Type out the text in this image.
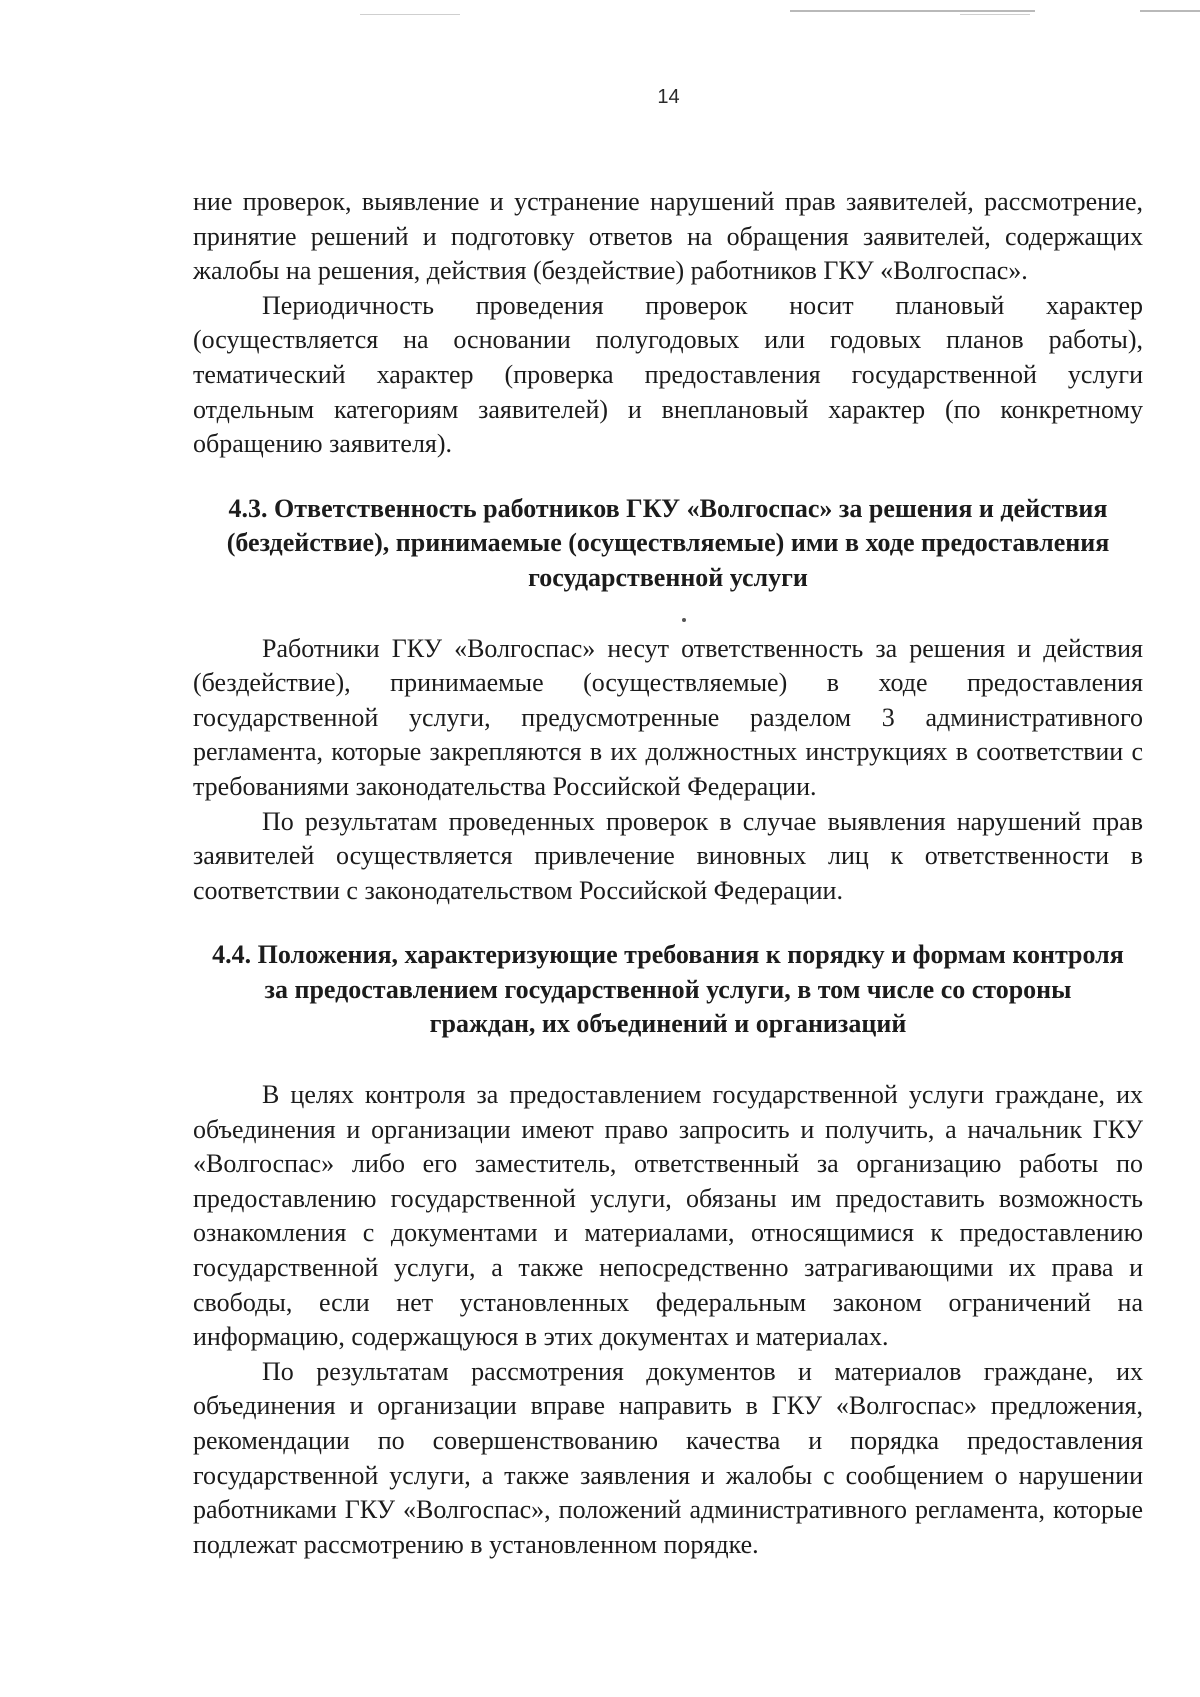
14

ние проверок, выявление и устранение нарушений прав заявителей, рассмотрение, принятие решений и подготовку ответов на обращения заявителей, содержащих жалобы на решения, действия (бездействие) работников ГКУ «Волгоспас».

Периодичность проведения проверок носит плановый характер (осуществляется на основании полугодовых или годовых планов работы), тематический характер (проверка предоставления государственной услуги отдельным категориям заявителей) и внеплановый характер (по конкретному обращению заявителя).

4.3. Ответственность работников ГКУ «Волгоспас» за решения и действия
(бездействие), принимаемые (осуществляемые) ими в ходе предоставления
государственной услуги

Работники ГКУ «Волгоспас» несут ответственность за решения и действия (бездействие), принимаемые (осуществляемые) в ходе предоставления государственной услуги, предусмотренные разделом 3 административного регламента, которые закрепляются в их должностных инструкциях в соответствии с требованиями законодательства Российской Федерации.

По результатам проведенных проверок в случае выявления нарушений прав заявителей осуществляется привлечение виновных лиц к ответственности в соответствии с законодательством Российской Федерации.

4.4. Положения, характеризующие требования к порядку и формам контроля
за предоставлением государственной услуги, в том числе со стороны
граждан, их объединений и организаций

В целях контроля за предоставлением государственной услуги граждане, их объединения и организации имеют право запросить и получить, а начальник ГКУ «Волгоспас» либо его заместитель, ответственный за организацию работы по предоставлению государственной услуги, обязаны им предоставить возможность ознакомления с документами и материалами, относящимися к предоставлению государственной услуги, а также непосредственно затрагивающими их права и свободы, если нет установленных федеральным законом ограничений на информацию, содержащуюся в этих документах и материалах.

По результатам рассмотрения документов и материалов граждане, их объединения и организации вправе направить в ГКУ «Волгоспас» предложения, рекомендации по совершенствованию качества и порядка предоставления государственной услуги, а также заявления и жалобы с сообщением о нарушении работниками ГКУ «Волгоспас», положений административного регламента, которые подлежат рассмотрению в установленном порядке.
